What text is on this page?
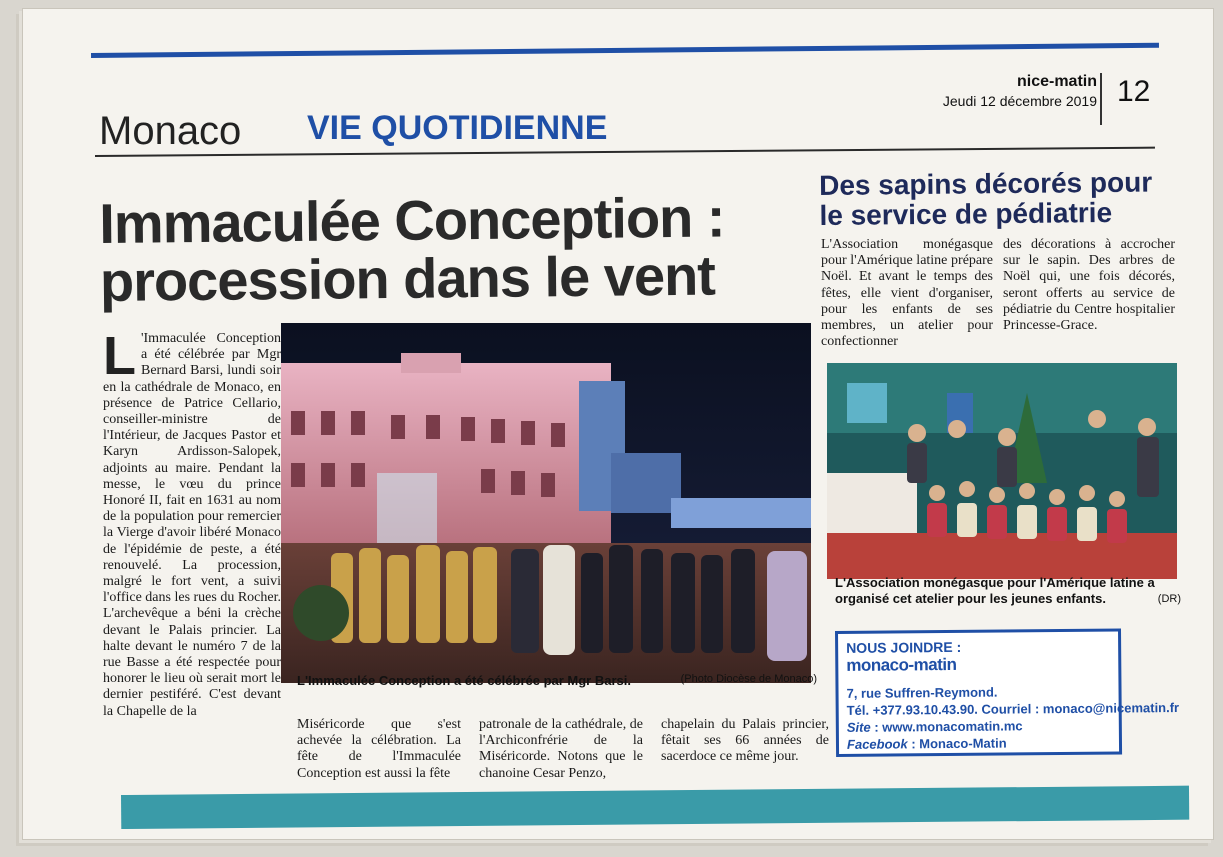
nice-matin
Jeudi 12 décembre 2019 12
Monaco VIE QUOTIDIENNE
Immaculée Conception : procession dans le vent
L 'Immaculée Conception a été célébrée par Mgr Bernard Barsi, lundi soir en la cathédrale de Monaco, en présence de Patrice Cellario, conseiller-ministre de l'Intérieur, de Jacques Pastor et Karyn Ardisson-Salopek, adjoints au maire. Pendant la messe, le vœu du prince Honoré II, fait en 1631 au nom de la population pour remercier la Vierge d'avoir libéré Monaco de l'épidémie de peste, a été renouvelé. La procession, malgré le fort vent, a suivi l'office dans les rues du Rocher. L'archevêque a béni la crèche devant le Palais princier. La halte devant le numéro 7 de la rue Basse a été respectée pour honorer le lieu où serait mort le dernier pestiféré. C'est devant la Chapelle de la

L'Immaculée Conception a été célébrée par Mgr Barsi.	(Photo Diocèse de Monaco)
Miséricorde que s'est achevée la célébration. La fête de l'Immaculée Conception est aussi la fête
patronale de la cathédrale, de l'Archiconfrérie de la Miséricorde. Notons que le chanoine Cesar Penzo,
chapelain du Palais princier, fêtait ses 66 années de sacerdoce ce même jour.
Des sapins décorés pour le service de pédiatrie
L'Association monégasque pour l'Amérique latine prépare Noël. Et avant le temps des fêtes, elle vient d'organiser, pour les enfants de ses membres, un atelier pour confectionner
des décorations à accrocher sur le sapin. Des arbres de Noël qui, une fois décorés, seront offerts au service de pédiatrie du Centre hospitalier Princesse-Grace.
L'Association monégasque pour l'Amérique latine a organisé cet atelier pour les jeunes enfants.	(DR)
NOUS JOINDRE :
monaco-matin
7, rue Suffren-Reymond.
Tél. +377.93.10.43.90. Courriel : monaco@nicematin.fr
Site : www.monacomatin.mc
Facebook : Monaco-Matin
